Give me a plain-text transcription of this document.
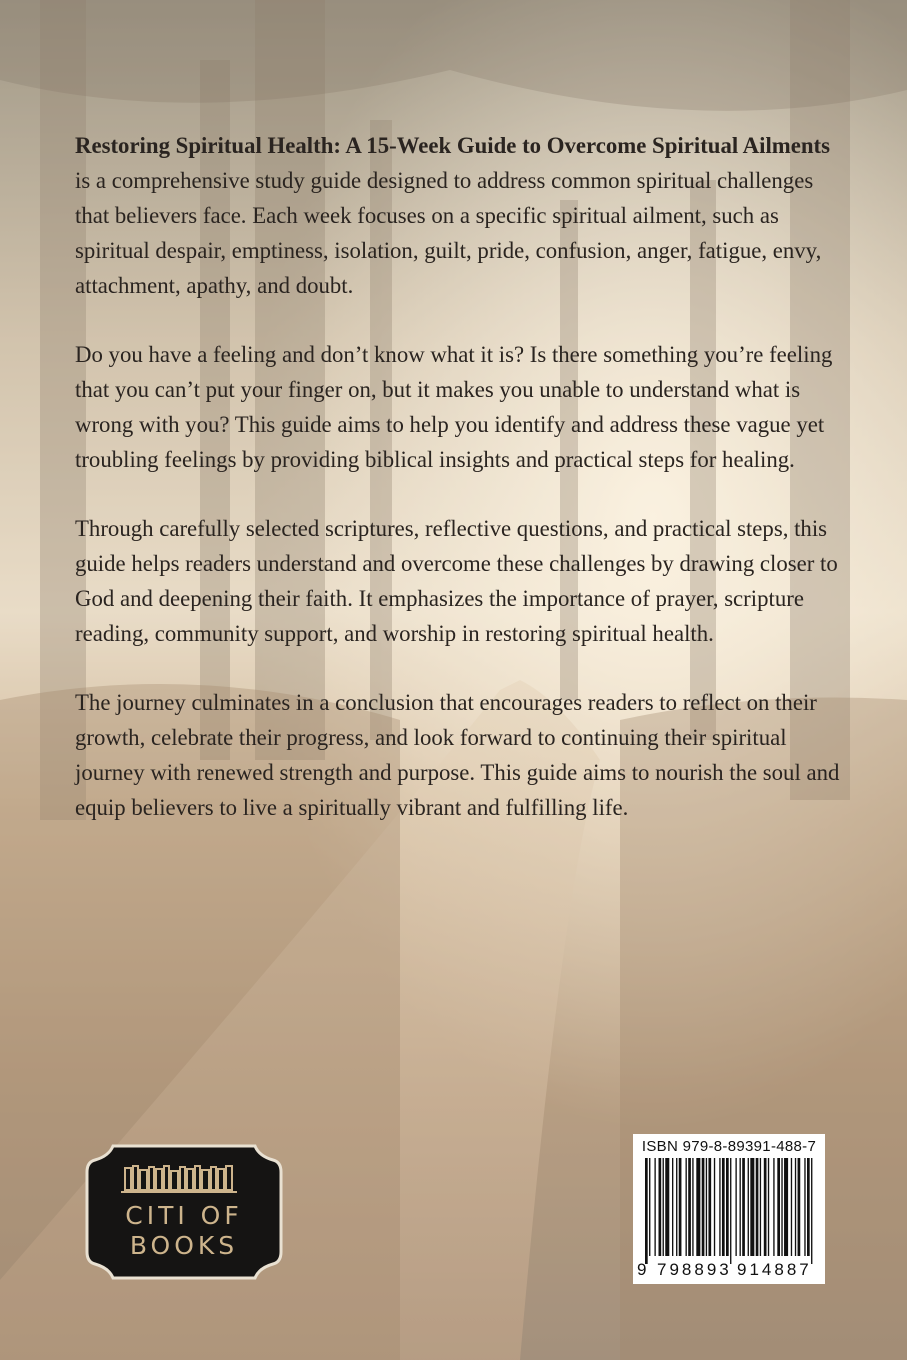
Restoring Spiritual Health: A 15-Week Guide to Overcome Spiritual Ailments is a comprehensive study guide designed to address common spiritual challenges that believers face. Each week focuses on a specific spiritual ailment, such as spiritual despair, emptiness, isolation, guilt, pride, confusion, anger, fatigue, envy, attachment, apathy, and doubt.

Do you have a feeling and don’t know what it is? Is there something you’re feeling that you can’t put your finger on, but it makes you unable to understand what is wrong with you? This guide aims to help you identify and address these vague yet troubling feelings by providing biblical insights and practical steps for healing.

Through carefully selected scriptures, reflective questions, and practical steps, this guide helps readers understand and overcome these challenges by drawing closer to God and deepening their faith. It emphasizes the importance of prayer, scripture reading, community support, and worship in restoring spiritual health.

The journey culminates in a conclusion that encourages readers to reflect on their growth, celebrate their progress, and look forward to continuing their spiritual journey with renewed strength and purpose. This guide aims to nourish the soul and equip believers to live a spiritually vibrant and fulfilling life.

CITI OF
BOOKS
ISBN 979-8-89391-488-7
9 798893 914887
